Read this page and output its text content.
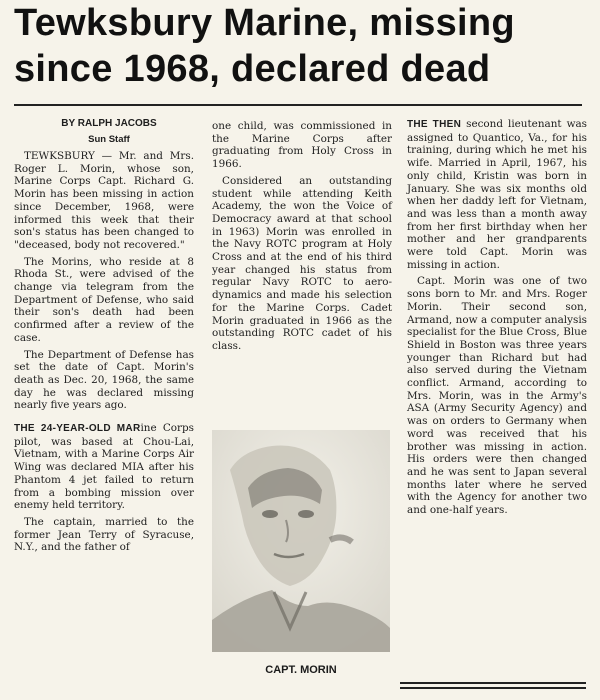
Tewksbury Marine, missing
since 1968, declared dead

BY RALPH JACOBS

Sun Staff

TEWKSBURY — Mr. and Mrs. Roger L. Morin, whose son, Marine Corps Capt. Richard G. Morin has been missing in action since December, 1968, were informed this week that their son's status has been changed to "deceased, body not recovered."

The Morins, who reside at 8 Rhoda St., were advised of the change via telegram from the Department of Defense, who said their son's death had been confirmed after a review of the case.

The Department of Defense has set the date of Capt. Morin's death as Dec. 20, 1968, the same day he was declared missing nearly five years ago.

THE 24-YEAR-OLD MARine Corps pilot, was based at Chou-Lai, Vietnam, with a Marine Corps Air Wing was declared MIA after his Phantom 4 jet failed to return from a bombing mission over enemy held territory.

The captain, married to the former Jean Terry of Syracuse, N.Y., and the father of

one child, was commissioned in the Marine Corps after graduating from Holy Cross in 1966.

Considered an outstanding student while attending Keith Academy, the won the Voice of Democracy award at that school in 1963) Morin was enrolled in the Navy ROTC program at Holy Cross and at the end of his third year changed his status from regular Navy ROTC to aero-dynamics and made his selection for the Marine Corps. Cadet Morin graduated in 1966 as the outstanding ROTC cadet of his class.

CAPT. MORIN

THE THEN second lieutenant was assigned to Quantico, Va., for his training, during which he met his wife. Married in April, 1967, his only child, Kristin was born in January. She was six months old when her daddy left for Vietnam, and was less than a month away from her first birthday when her mother and her grandparents were told Capt. Morin was missing in action.

Capt. Morin was one of two sons born to Mr. and Mrs. Roger Morin. Their second son, Armand, now a computer analysis specialist for the Blue Cross, Blue Shield in Boston was three years younger than Richard but had also served during the Vietnam conflict. Armand, according to Mrs. Morin, was in the Army's ASA (Army Security Agency) and was on orders to Germany when word was received that his brother was missing in action. His orders were then changed and he was sent to Japan several months later where he served with the Agency for another two and one-half years.
